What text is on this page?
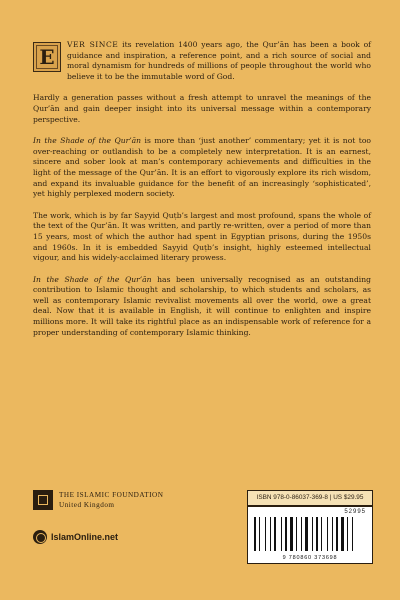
E
VER SINCE its revelation 1400 years ago, the Qur’ān has been a book of guidance and inspiration, a reference point, and a rich source of social and moral dynamism for hundreds of millions of people throughout the world who believe it to be the immutable word of God.

Hardly a generation passes without a fresh attempt to unravel the meanings of the Qur’ān and gain deeper insight into its universal message within a contemporary perspective.

In the Shade of the Qur’ān is more than ‘just another’ commentary; yet it is not too over-reaching or outlandish to be a completely new interpretation. It is an earnest, sincere and sober look at man’s contemporary achievements and difficulties in the light of the message of the Qur’ān. It is an effort to vigorously explore its rich wisdom, and expand its invaluable guidance for the benefit of an increasingly ‘sophisticated’, yet highly perplexed modern society.

The work, which is by far Sayyid Quṭb’s largest and most profound, spans the whole of the text of the Qur’ān. It was written, and partly re-written, over a period of more than 15 years, most of which the author had spent in Egyptian prisons, during the 1950s and 1960s. In it is embedded Sayyid Quṭb’s insight, highly esteemed intellectual vigour, and his widely-acclaimed literary prowess.

In the Shade of the Qur’ān has been universally recognised as an outstanding contribution to Islamic thought and scholarship, to which students and scholars, as well as contemporary Islamic revivalist movements all over the world, owe a great deal. Now that it is available in English, it will continue to enlighten and inspire millions more. It will take its rightful place as an indispensable work of reference for a proper understanding of contemporary Islamic thinking.

THE ISLAMIC FOUNDATION
United Kingdom
IslamOnline.net
ISBN 978-0-86037-369-8 | US $29.95
52995
9 780860 373698
